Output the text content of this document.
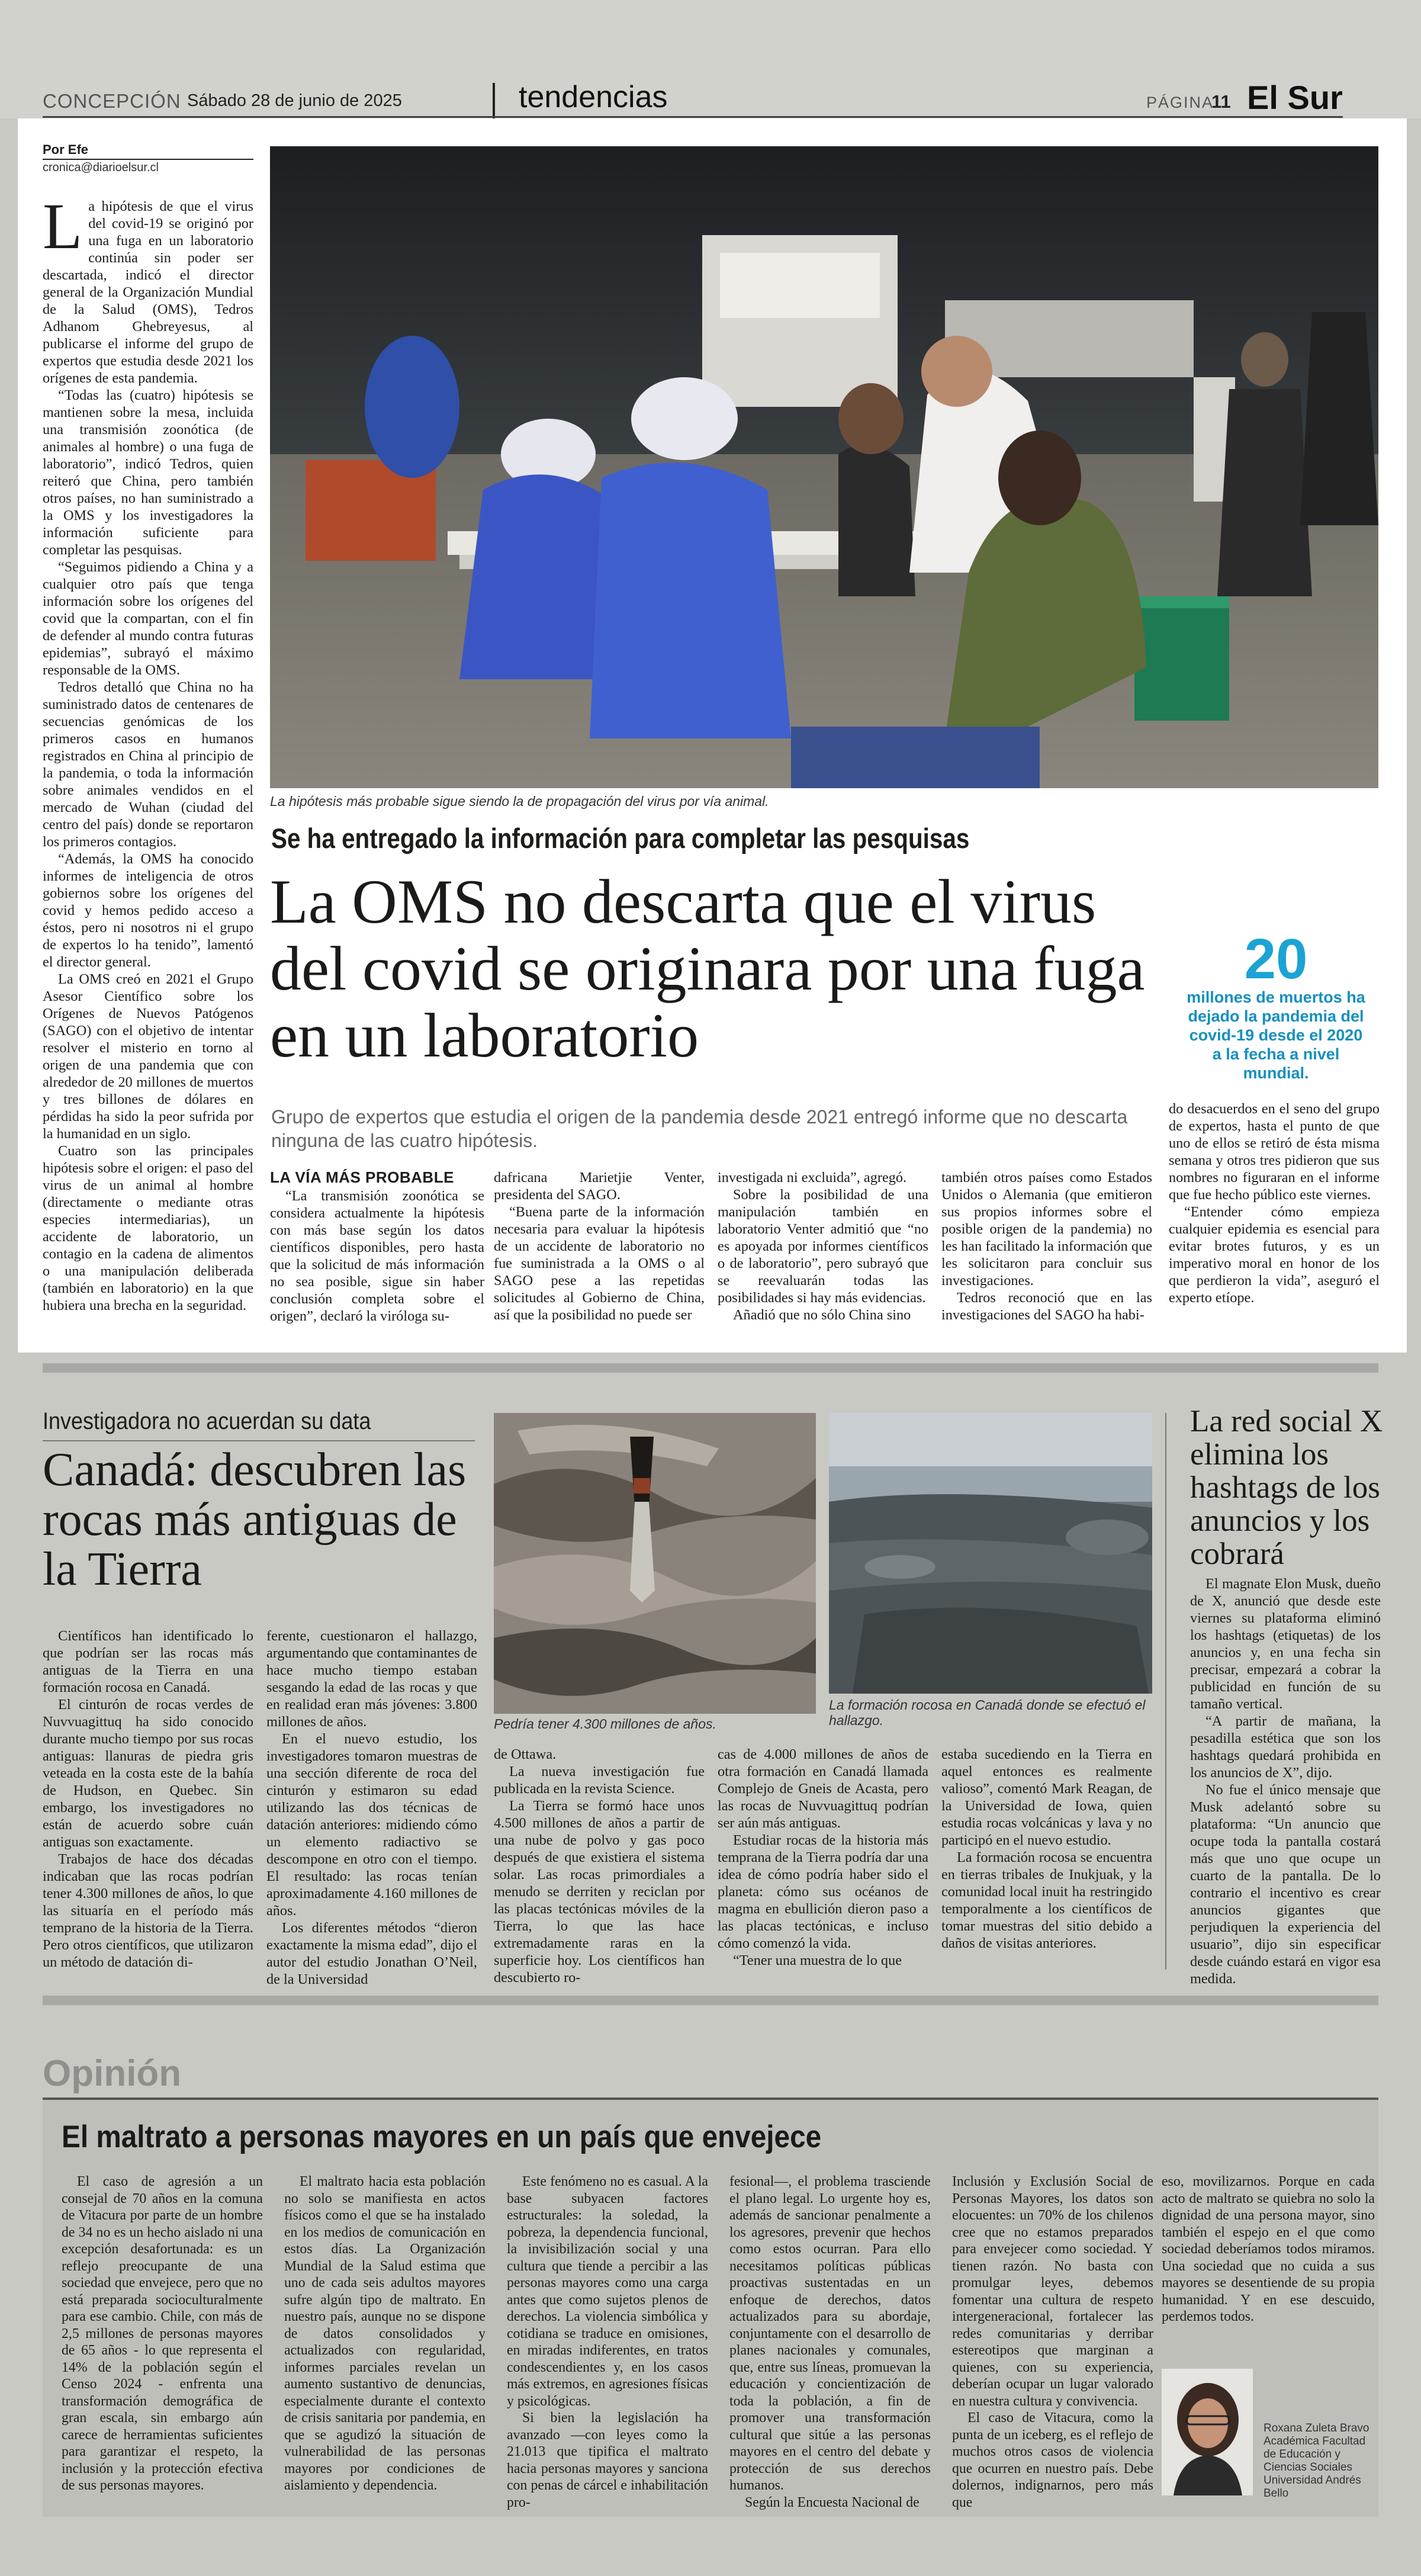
CONCEPCIÓN Sábado 28 de junio de 2025	tendencias	PÁGINA
11 El Sur
Por Efe
cronica@diarioelsur.cl

La hipótesis de que el virus del covid-19 se originó por una fuga en un laboratorio continúa sin poder ser descartada, indicó el director general de la Organización Mundial de la Salud (OMS), Tedros Adhanom Ghebreyesus, al publicarse el informe del grupo de expertos que estudia desde 2021 los orígenes de esta pandemia.

“Todas las (cuatro) hipótesis se mantienen sobre la mesa, incluida una transmisión zoonótica (de animales al hombre) o una fuga de laboratorio”, indicó Tedros, quien reiteró que China, pero también otros países, no han suministrado a la OMS y los investigadores la información suficiente para completar las pesquisas.

“Seguimos pidiendo a China y a cualquier otro país que tenga información sobre los orígenes del covid que la compartan, con el fin de defender al mundo contra futuras epidemias”, subrayó el máximo responsable de la OMS.

Tedros detalló que China no ha suministrado datos de centenares de secuencias genómicas de los primeros casos en humanos registrados en China al principio de la pandemia, o toda la información sobre animales vendidos en el mercado de Wuhan (ciudad del centro del país) donde se reportaron los primeros contagios.

“Además, la OMS ha conocido informes de inteligencia de otros gobiernos sobre los orígenes del covid y hemos pedido acceso a éstos, pero ni nosotros ni el grupo de expertos lo ha tenido”, lamentó el director general.

La OMS creó en 2021 el Grupo Asesor Científico sobre los Orígenes de Nuevos Patógenos (SAGO) con el objetivo de intentar resolver el misterio en torno al origen de una pandemia que con alrededor de 20 millones de muertos y tres billones de dólares en pérdidas ha sido la peor sufrida por la humanidad en un siglo.

Cuatro son las principales hipótesis sobre el origen: el paso del virus de un animal al hombre (directamente o mediante otras especies intermediarias), un accidente de laboratorio, un contagio en la cadena de alimentos o una manipulación deliberada (también en laboratorio) en la que hubiera una brecha en la seguridad.

La hipótesis más probable sigue siendo la de propagación del virus por vía animal.
Se ha entregado la información para completar las pesquisas
La OMS no descarta que el virus del covid se originara por una fuga en un laboratorio
Grupo de expertos que estudia el origen de la pandemia desde 2021 entregó informe que no descarta ninguna de las cuatro hipótesis.
20
millones de muertos ha dejado la pandemia del covid-19 desde el 2020 a la fecha a nivel mundial.

LA VÍA MÁS PROBABLE

“La transmisión zoonótica se considera actualmente la hipótesis con más base según los datos científicos disponibles, pero hasta que la solicitud de más información no sea posible, sigue sin haber conclusión completa sobre el origen”, declaró la viróloga su-

dafricana Marietjie Venter, presidenta del SAGO.

“Buena parte de la información necesaria para evaluar la hipótesis de un accidente de laboratorio no fue suministrada a la OMS o al SAGO pese a las repetidas solicitudes al Gobierno de China, así que la posibilidad no puede ser

investigada ni excluida”, agregó.

Sobre la posibilidad de una manipulación también en laboratorio Venter admitió que “no es apoyada por informes científicos o de laboratorio”, pero subrayó que se reevaluarán todas las posibilidades si hay más evidencias.

Añadió que no sólo China sino

también otros países como Estados Unidos o Alemania (que emitieron sus propios informes sobre el posible origen de la pandemia) no les han facilitado la información que les solicitaron para concluir sus investigaciones.

Tedros reconoció que en las investigaciones del SAGO ha habi-

do desacuerdos en el seno del grupo de expertos, hasta el punto de que uno de ellos se retiró de ésta misma semana y otros tres pidieron que sus nombres no figuraran en el informe que fue hecho público este viernes.

“Entender cómo empieza cualquier epidemia es esencial para evitar brotes futuros, y es un imperativo moral en honor de los que perdieron la vida”, aseguró el experto etíope.

Investigadora no acuerdan su data
Canadá: descubren las rocas más antiguas de la Tierra
Pedría tener 4.300 millones de años.
La formación rocosa en Canadá donde se efectuó el hallazgo.

Científicos han identificado lo que podrían ser las rocas más antiguas de la Tierra en una formación rocosa en Canadá.

El cinturón de rocas verdes de Nuvvuagittuq ha sido conocido durante mucho tiempo por sus rocas antiguas: llanuras de piedra gris veteada en la costa este de la bahía de Hudson, en Quebec. Sin embargo, los investigadores no están de acuerdo sobre cuán antiguas son exactamente.

Trabajos de hace dos décadas indicaban que las rocas podrían tener 4.300 millones de años, lo que las situaría en el período más temprano de la historia de la Tierra. Pero otros científicos, que utilizaron un método de datación di-

ferente, cuestionaron el hallazgo, argumentando que contaminantes de hace mucho tiempo estaban sesgando la edad de las rocas y que en realidad eran más jóvenes: 3.800 millones de años.

En el nuevo estudio, los investigadores tomaron muestras de una sección diferente de roca del cinturón y estimaron su edad utilizando las dos técnicas de datación anteriores: midiendo cómo un elemento radiactivo se descompone en otro con el tiempo. El resultado: las rocas tenían aproximadamente 4.160 millones de años.

Los diferentes métodos “dieron exactamente la misma edad”, dijo el autor del estudio Jonathan O’Neil, de la Universidad

de Ottawa.

La nueva investigación fue publicada en la revista Science.

La Tierra se formó hace unos 4.500 millones de años a partir de una nube de polvo y gas poco después de que existiera el sistema solar. Las rocas primordiales a menudo se derriten y reciclan por las placas tectónicas móviles de la Tierra, lo que las hace extremadamente raras en la superficie hoy. Los científicos han descubierto ro-

cas de 4.000 millones de años de otra formación en Canadá llamada Complejo de Gneis de Acasta, pero las rocas de Nuvvuagittuq podrían ser aún más antiguas.

Estudiar rocas de la historia más temprana de la Tierra podría dar una idea de cómo podría haber sido el planeta: cómo sus océanos de magma en ebullición dieron paso a las placas tectónicas, e incluso cómo comenzó la vida.

“Tener una muestra de lo que

estaba sucediendo en la Tierra en aquel entonces es realmente valioso”, comentó Mark Reagan, de la Universidad de Iowa, quien estudia rocas volcánicas y lava y no participó en el nuevo estudio.

La formación rocosa se encuentra en tierras tribales de Inukjuak, y la comunidad local inuit ha restringido temporalmente a los científicos de tomar muestras del sitio debido a daños de visitas anteriores.

La red social X elimina los hashtags de los anuncios y los cobrará

El magnate Elon Musk, dueño de X, anunció que desde este viernes su plataforma eliminó los hashtags (etiquetas) de los anuncios y, en una fecha sin precisar, empezará a cobrar la publicidad en función de su tamaño vertical.

“A partir de mañana, la pesadilla estética que son los hashtags quedará prohibida en los anuncios de X”, dijo.

No fue el único mensaje que Musk adelantó sobre su plataforma: “Un anuncio que ocupe toda la pantalla costará más que uno que ocupe un cuarto de la pantalla. De lo contrario el incentivo es crear anuncios gigantes que perjudiquen la experiencia del usuario”, dijo sin especificar desde cuándo estará en vigor esa medida.

Opinión
El maltrato a personas mayores en un país que envejece

El caso de agresión a un consejal de 70 años en la comuna de Vitacura por parte de un hombre de 34 no es un hecho aislado ni una excepción desafortunada: es un reflejo preocupante de una sociedad que envejece, pero que no está preparada socioculturalmente para ese cambio. Chile, con más de 2,5 millones de personas mayores de 65 años - lo que representa el 14% de la población según el Censo 2024 - enfrenta una transformación demográfica de gran escala, sin embargo aún carece de herramientas suficientes para garantizar el respeto, la inclusión y la protección efectiva de sus personas mayores.

El maltrato hacia esta población no solo se manifiesta en actos físicos como el que se ha instalado en los medios de comunicación en estos días. La Organización Mundial de la Salud estima que uno de cada seis adultos mayores sufre algún tipo de maltrato. En nuestro país, aunque no se dispone de datos consolidados y actualizados con regularidad, informes parciales revelan un aumento sustantivo de denuncias, especialmente durante el contexto de crisis sanitaria por pandemia, en que se agudizó la situación de vulnerabilidad de las personas mayores por condiciones de aislamiento y dependencia.

Este fenómeno no es casual. A la base subyacen factores estructurales: la soledad, la pobreza, la dependencia funcional, la invisibilización social y una cultura que tiende a percibir a las personas mayores como una carga antes que como sujetos plenos de derechos. La violencia simbólica y cotidiana se traduce en omisiones, en miradas indiferentes, en tratos condescendientes y, en los casos más extremos, en agresiones físicas y psicológicas.

Si bien la legislación ha avanzado —con leyes como la 21.013 que tipifica el maltrato hacia personas mayores y sanciona con penas de cárcel e inhabilitación pro-

fesional—, el problema trasciende el plano legal. Lo urgente hoy es, además de sancionar penalmente a los agresores, prevenir que hechos como estos ocurran. Para ello necesitamos políticas públicas proactivas sustentadas en un enfoque de derechos, datos actualizados para su abordaje, conjuntamente con el desarrollo de planes nacionales y comunales, que, entre sus líneas, promuevan la educación y concientización de toda la población, a fin de promover una transformación cultural que sitúe a las personas mayores en el centro del debate y protección de sus derechos humanos.

Según la Encuesta Nacional de

Inclusión y Exclusión Social de Personas Mayores, los datos son elocuentes: un 70% de los chilenos cree que no estamos preparados para envejecer como sociedad. Y tienen razón. No basta con promulgar leyes, debemos fomentar una cultura de respeto intergeneracional, fortalecer las redes comunitarias y derribar estereotipos que marginan a quienes, con su experiencia, deberían ocupar un lugar valorado en nuestra cultura y convivencia.

El caso de Vitacura, como la punta de un iceberg, es el reflejo de muchos otros casos de violencia que ocurren en nuestro país. Debe dolernos, indignarnos, pero más que

eso, movilizarnos. Porque en cada acto de maltrato se quiebra no solo la dignidad de una persona mayor, sino también el espejo en el que como sociedad deberíamos todos miramos. Una sociedad que no cuida a sus mayores se desentiende de su propia humanidad. Y en ese descuido, perdemos todos.

Roxana Zuleta Bravo Académica Facultad de Educación y Ciencias Sociales Universidad Andrés Bello
